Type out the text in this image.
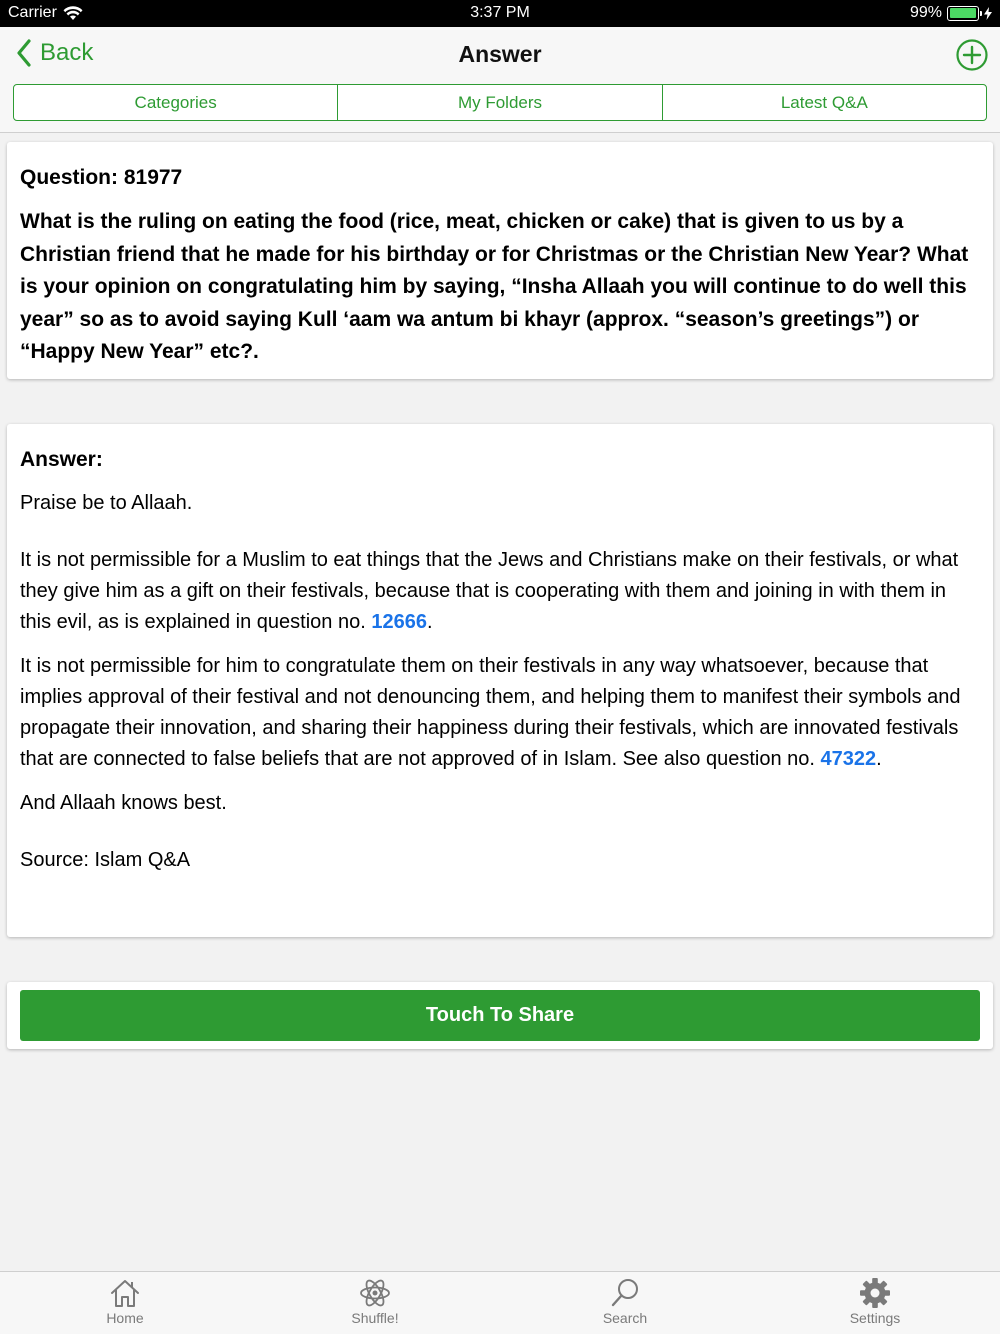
Carrier	3:37 PM	99%
Back	Answer
Categories	My Folders	Latest Q&A
Question: 81977
What is the ruling on eating the food (rice, meat, chicken or cake) that is given to us by a Christian friend that he made for his birthday or for Christmas or the Christian New Year? What is your opinion on congratulating him by saying, “Insha Allaah you will continue to do well this year” so as to avoid saying Kull ‘aam wa antum bi khayr (approx. “season’s greetings”) or “Happy New Year” etc?.
Answer:

Praise be to Allaah.

It is not permissible for a Muslim to eat things that the Jews and Christians make on their festivals, or what they give him as a gift on their festivals, because that is cooperating with them and joining in with them in this evil, as is explained in question no. 12666.

It is not permissible for him to congratulate them on their festivals in any way whatsoever, because that implies approval of their festival and not denouncing them, and helping them to manifest their symbols and propagate their innovation, and sharing their happiness during their festivals, which are innovated festivals that are connected to false beliefs that are not approved of in Islam. See also question no. 47322.

And Allaah knows best.

Source: Islam Q&A

Touch To Share
Home	Shuffle!	Search	Settings
